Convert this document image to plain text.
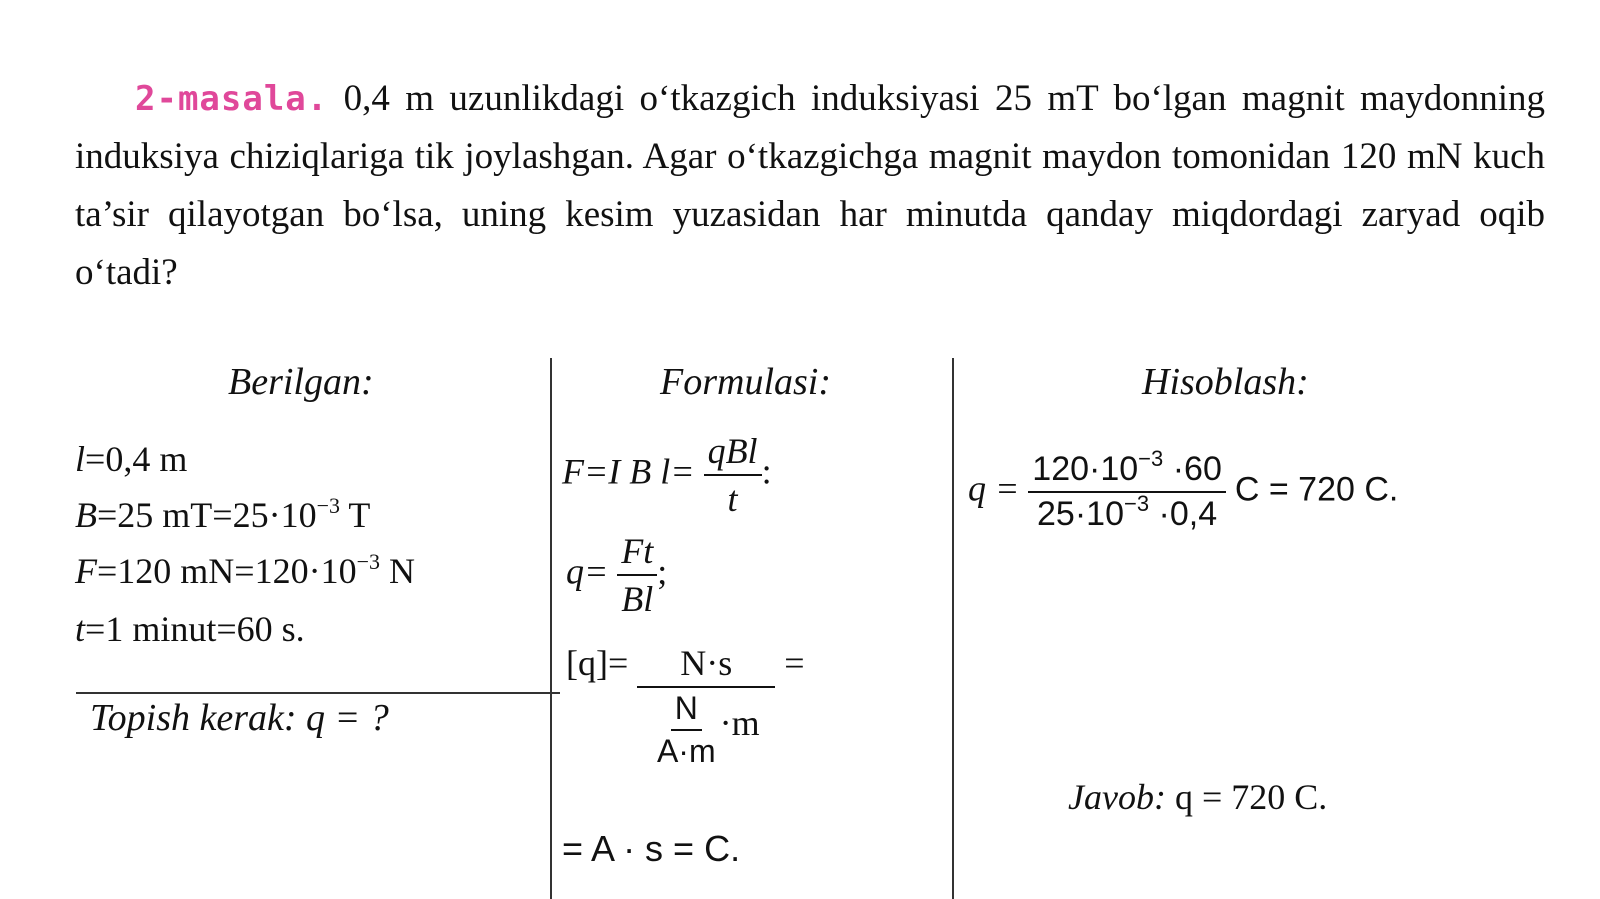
2-masala. 0,4 m uzunlikdagi o‘tkazgich induksiyasi 25 mT bo‘lgan magnit maydonning induksiya chiziqlariga tik joylashgan. Agar o‘tkazgichga magnit maydon tomonidan 120 mN kuch ta’sir qilayotgan bo‘lsa, uning kesim yuzasidan har minutda qanday miqdordagi zaryad oqib o‘tadi?
Berilgan:	Formulasi:	Hisoblash:
l=0,4 m
B=25 $mT=25\cdot 10^{-3}$ T
F=120 $mN=120\cdot 10^{-3}$ N
t=1 minut=60 s.
Topish kerak: q = ?
F=I B $l= \frac{\text{qBl}}{t}$ :
$q= \frac{Ft}{Bl}$ ;
$[q]= \frac{N\cdot s}{\frac{N}{A\cdot m} \cdot m}$ =
= A · s = C.
$q = \frac{120\cdot 10^{-3} \cdot 60}{25\cdot 10^{-3} \cdot 0,4}$ C = 720 C.
Javob: q = 720 C.
